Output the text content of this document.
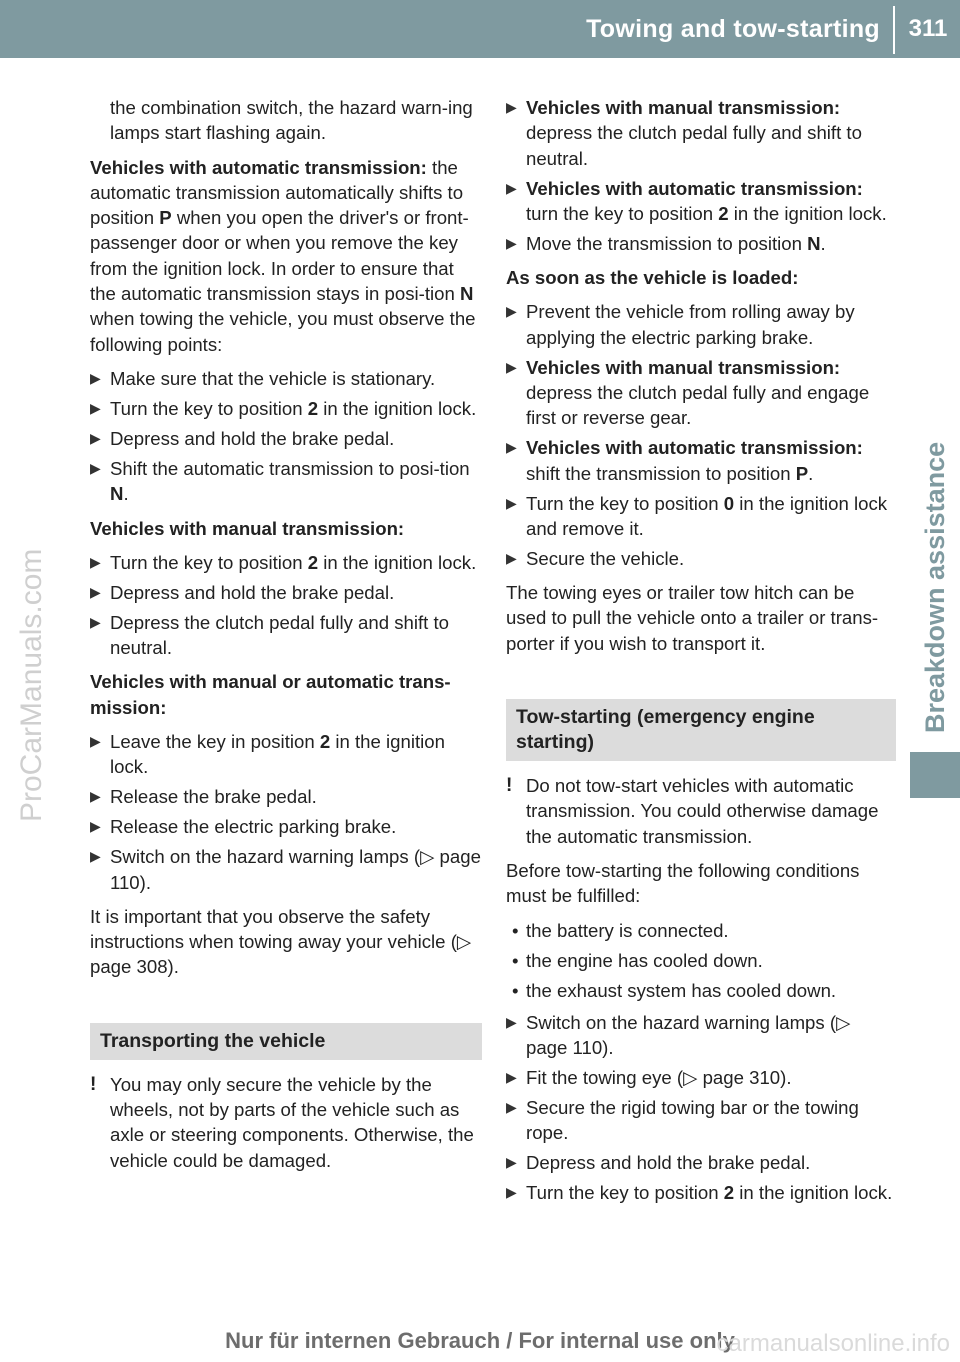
Towing and tow-starting	311
Breakdown assistance
ProCarManuals.com

the combination switch, the hazard warn-ing lamps start flashing again.

Vehicles with automatic transmission: the automatic transmission automatically shifts to position P when you open the driver's or front-passenger door or when you remove the key from the ignition lock. In order to ensure that the automatic transmission stays in posi-tion N when towing the vehicle, you must observe the following points:

▶ Make sure that the vehicle is stationary.
▶ Turn the key to position 2 in the ignition lock.
▶ Depress and hold the brake pedal.
▶ Shift the automatic transmission to posi-tion N.

Vehicles with manual transmission:

▶ Turn the key to position 2 in the ignition lock.
▶ Depress and hold the brake pedal.
▶ Depress the clutch pedal fully and shift to neutral.

Vehicles with manual or automatic trans-mission:

▶ Leave the key in position 2 in the ignition lock.
▶ Release the brake pedal.
▶ Release the electric parking brake.
▶ Switch on the hazard warning lamps (▷ page 110).

It is important that you observe the safety instructions when towing away your vehicle (▷ page 308).

Transporting the vehicle
! You may only secure the vehicle by the wheels, not by parts of the vehicle such as axle or steering components. Otherwise, the vehicle could be damaged.
▶ Vehicles with manual transmission:
depress the clutch pedal fully and shift to neutral.
▶ Vehicles with automatic transmission:
turn the key to position 2 in the ignition lock.
▶ Move the transmission to position N.

As soon as the vehicle is loaded:

▶ Prevent the vehicle from rolling away by applying the electric parking brake.
▶ Vehicles with manual transmission:
depress the clutch pedal fully and engage first or reverse gear.
▶ Vehicles with automatic transmission:
shift the transmission to position P.
▶ Turn the key to position 0 in the ignition lock and remove it.
▶ Secure the vehicle.

The towing eyes or trailer tow hitch can be used to pull the vehicle onto a trailer or trans-porter if you wish to transport it.

Tow-starting (emergency engine starting)
! Do not tow-start vehicles with automatic transmission. You could otherwise damage the automatic transmission.

Before tow-starting the following conditions must be fulfilled:

• the battery is connected.
• the engine has cooled down.
• the exhaust system has cooled down.
▶ Switch on the hazard warning lamps (▷ page 110).
▶ Fit the towing eye (▷ page 310).
▶ Secure the rigid towing bar or the towing rope.
▶ Depress and hold the brake pedal.
▶ Turn the key to position 2 in the ignition lock.
Nur für internen Gebrauch / For internal use only
carmanualsonline.info
